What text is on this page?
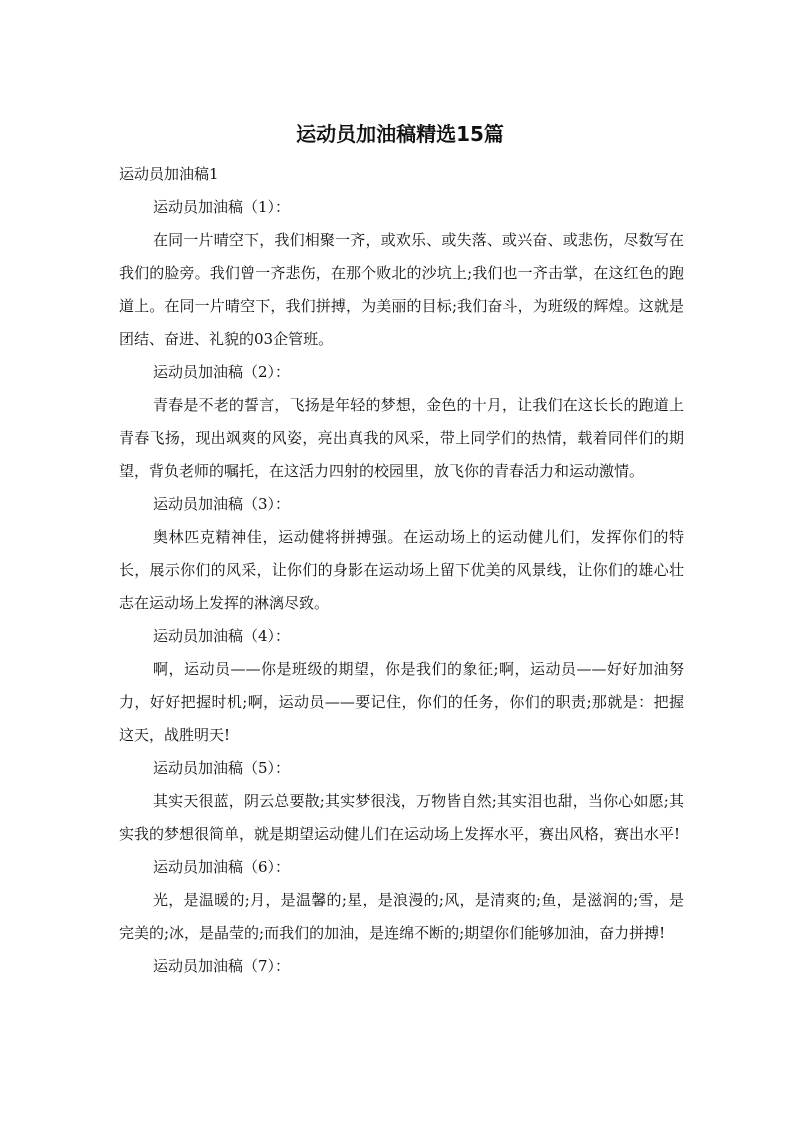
运动员加油稿精选15篇

运动员加油稿1

运动员加油稿（1）：

在同一片晴空下，我们相聚一齐，或欢乐、或失落、或兴奋、或悲伤，尽数写在我们的脸旁。我们曾一齐悲伤，在那个败北的沙坑上;我们也一齐击掌，在这红色的跑道上。在同一片晴空下，我们拼搏，为美丽的目标;我们奋斗，为班级的辉煌。这就是团结、奋进、礼貌的03企管班。

运动员加油稿（2）：

青春是不老的誓言，飞扬是年轻的梦想，金色的十月，让我们在这长长的跑道上青春飞扬，现出飒爽的风姿，亮出真我的风采，带上同学们的热情，载着同伴们的期望，背负老师的嘱托，在这活力四射的校园里，放飞你的青春活力和运动激情。

运动员加油稿（3）：

奥林匹克精神佳，运动健将拼搏强。在运动场上的运动健儿们，发挥你们的特长，展示你们的风采，让你们的身影在运动场上留下优美的风景线，让你们的雄心壮志在运动场上发挥的淋漓尽致。

运动员加油稿（4）：

啊，运动员——你是班级的期望，你是我们的象征;啊，运动员——好好加油努力，好好把握时机;啊，运动员——要记住，你们的任务，你们的职责;那就是：把握这天，战胜明天!

运动员加油稿（5）：

其实天很蓝，阴云总要散;其实梦很浅，万物皆自然;其实泪也甜，当你心如愿;其实我的梦想很简单，就是期望运动健儿们在运动场上发挥水平，赛出风格，赛出水平!

运动员加油稿（6）：

光，是温暖的;月，是温馨的;星，是浪漫的;风，是清爽的;鱼，是滋润的;雪，是完美的;冰，是晶莹的;而我们的加油，是连绵不断的;期望你们能够加油，奋力拼搏!

运动员加油稿（7）：
